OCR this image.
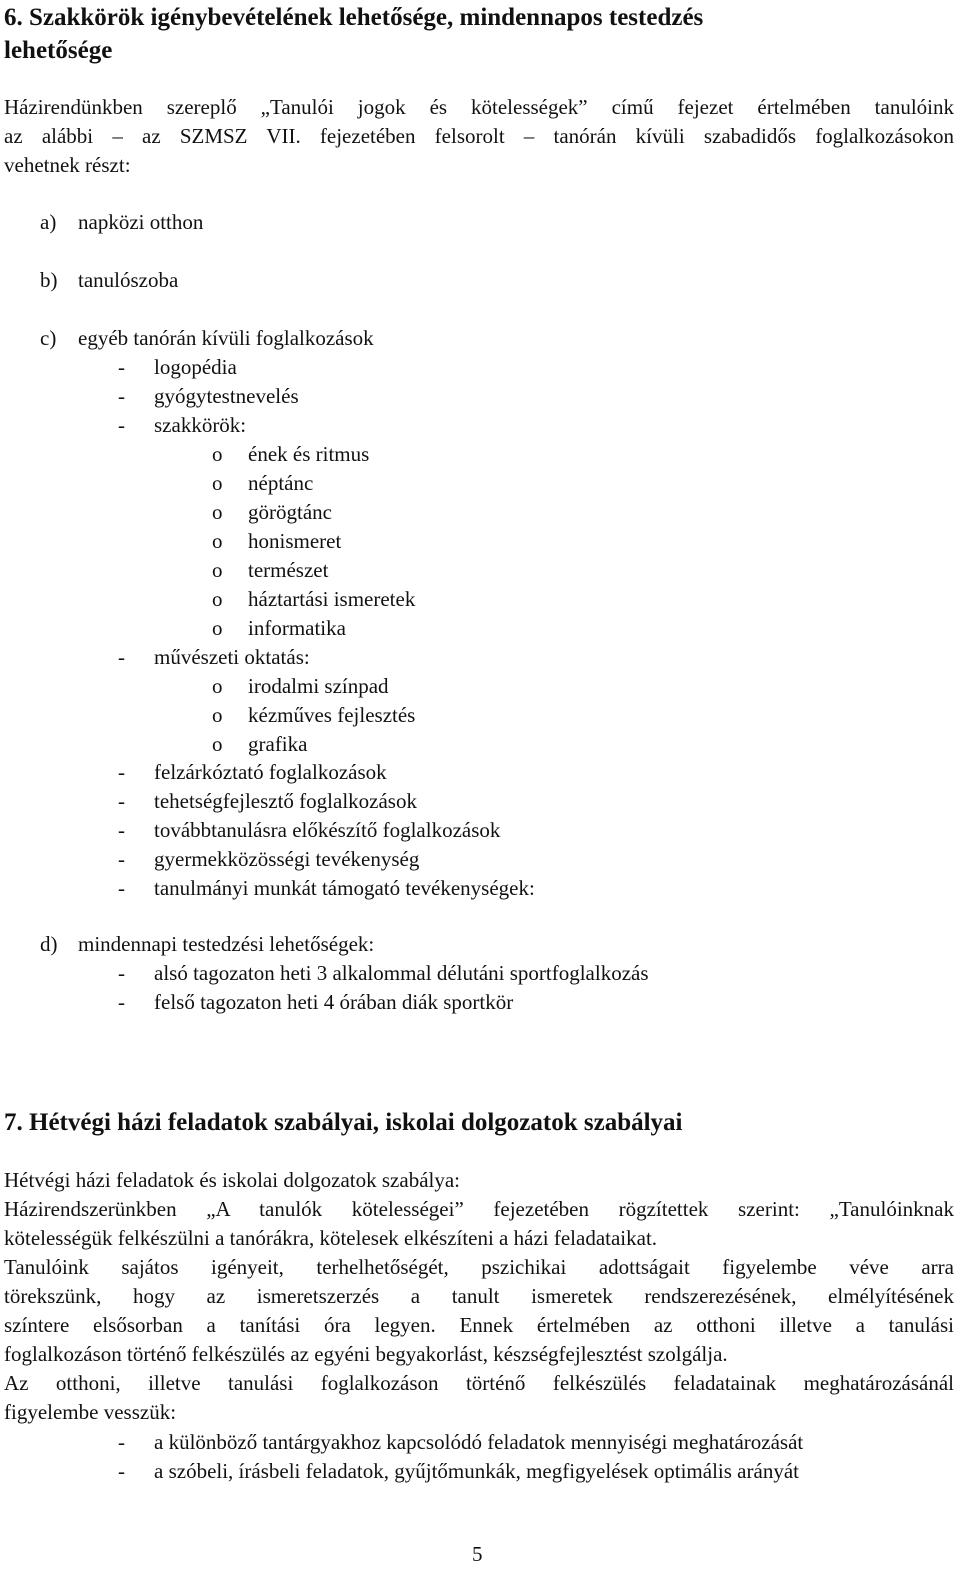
6. Szakkörök igénybevételének lehetősége, mindennapos testedzés
lehetősége
Házirendünkben szereplő „Tanulói jogok és kötelességek” című fejezet értelmében tanulóink
az alábbi – az SZMSZ VII. fejezetében felsorolt – tanórán kívüli szabadidős foglalkozásokon
vehetnek részt:
a) napközi otthon
b) tanulószoba
c) egyéb tanórán kívüli foglalkozások
- logopédia
- gyógytestnevelés
- szakkörök:
o ének és ritmus
o néptánc
o görögtánc
o honismeret
o természet
o háztartási ismeretek
o informatika
- művészeti oktatás:
o irodalmi színpad
o kézműves fejlesztés
o grafika
- felzárkóztató foglalkozások
- tehetségfejlesztő foglalkozások
- továbbtanulásra előkészítő foglalkozások
- gyermekközösségi tevékenység
- tanulmányi munkát támogató tevékenységek:
d) mindennapi testedzési lehetőségek:
- alsó tagozaton heti 3 alkalommal délutáni sportfoglalkozás
- felső tagozaton heti 4 órában diák sportkör
7. Hétvégi házi feladatok szabályai, iskolai dolgozatok szabályai
Hétvégi házi feladatok és iskolai dolgozatok szabálya:
Házirendszerünkben „A tanulók kötelességei” fejezetében rögzítettek szerint: „Tanulóinknak
kötelességük felkészülni a tanórákra, kötelesek elkészíteni a házi feladataikat.
Tanulóink sajátos igényeit, terhelhetőségét, pszichikai adottságait figyelembe véve arra
törekszünk, hogy az ismeretszerzés a tanult ismeretek rendszerezésének, elmélyítésének
színtere elsősorban a tanítási óra legyen. Ennek értelmében az otthoni illetve a tanulási
foglalkozáson történő felkészülés az egyéni begyakorlást, készségfejlesztést szolgálja.
Az otthoni, illetve tanulási foglalkozáson történő felkészülés feladatainak meghatározásánál
figyelembe vesszük:
- a különböző tantárgyakhoz kapcsolódó feladatok mennyiségi meghatározását
- a szóbeli, írásbeli feladatok, gyűjtőmunkák, megfigyelések optimális arányát
5
